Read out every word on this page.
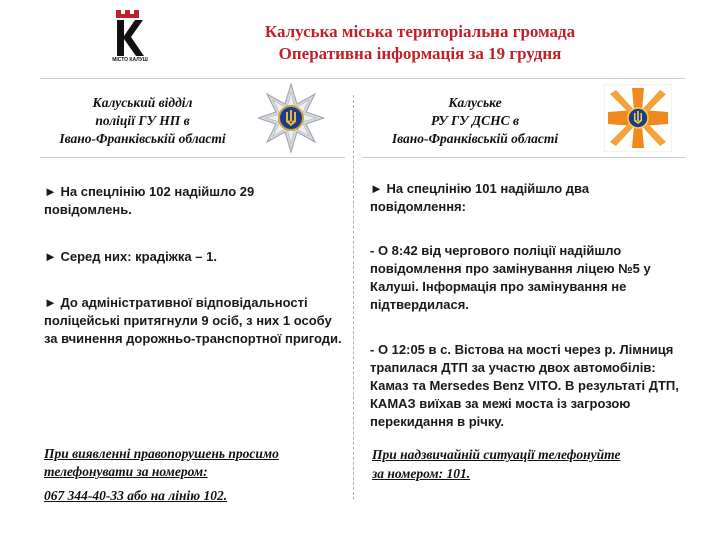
МІСТО КАЛУШ
Калуська міська територіальна громада
Оперативна інформація за 19 грудня
Калуський відділ
поліції ГУ НП в
Івано-Франківській області
► На спецлінію 102 надійшло 29 повідомлень.
► Серед них: крадіжка – 1.
► До адміністративної відповідальності поліцейські притягнули 9 осіб, з них 1 особу за вчинення дорожньо-транспортної пригоди.
При виявленні правопорушень просимо
телефонувати за номером:
067 344-40-33 або на лінію 102.
Калуське
РУ ГУ ДСНС в
Івано-Франківській області
► На спецлінію 101 надійшло два повідомлення:
- О 8:42 від чергового поліції надійшло повідомлення про замінування ліцею №5 у Калуші. Інформація про замінування не підтвердилася.
- О 12:05 в с. Вістова на мості через р. Лімниця трапилася ДТП за участю двох автомобілів: Камаз та Mersedes Benz VITO. В результаті ДТП, КАМАЗ виїхав за межі моста із загрозою перекидання в річку.
При надзвичайній ситуації телефонуйте
за номером: 101.
